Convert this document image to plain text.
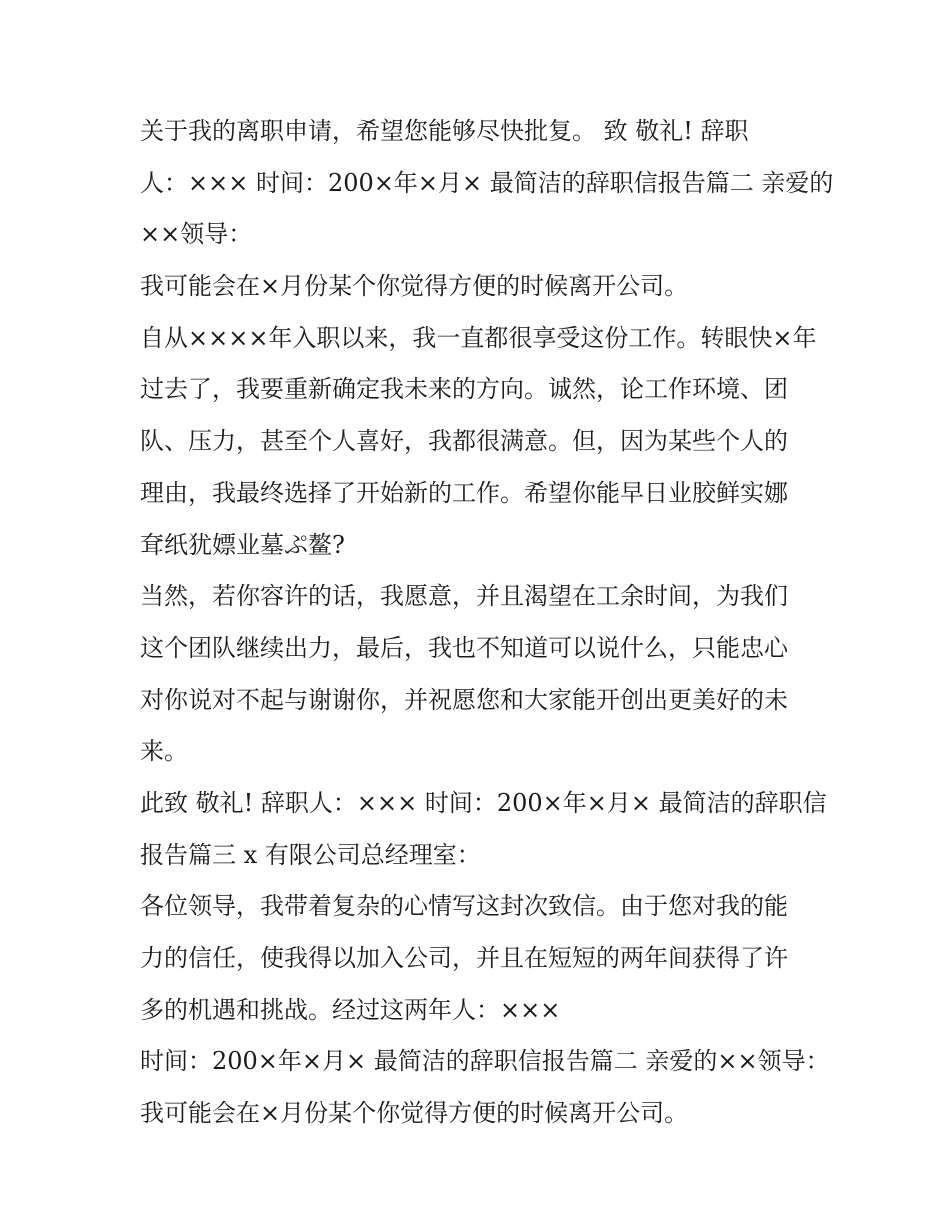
关于我的离职申请，希望您能够尽快批复。 致 敬礼! 辞职
人：××× 时间：200×年×月× 最简洁的辞职信报告篇二 亲爱的
××领导：
我可能会在×月份某个你觉得方便的时候离开公司。
自从××××年入职以来，我一直都很享受这份工作。转眼快×年
过去了，我要重新确定我未来的方向。诚然，论工作环境、团
队、压力，甚至个人喜好，我都很满意。但，因为某些个人的
理由，我最终选择了开始新的工作。希望你能早日业胶鲜实娜
耷纸犹嫖业墓ぷ鳌?
当然，若你容许的话，我愿意，并且渴望在工余时间，为我们
这个团队继续出力，最后，我也不知道可以说什么，只能忠心
对你说对不起与谢谢你，并祝愿您和大家能开创出更美好的未
来。
此致 敬礼! 辞职人：××× 时间：200×年×月× 最简洁的辞职信
报告篇三 x 有限公司总经理室：
各位领导，我带着复杂的心情写这封次致信。由于您对我的能
力的信任，使我得以加入公司，并且在短短的两年间获得了许
多的机遇和挑战。经过这两年人：×××
时间：200×年×月× 最简洁的辞职信报告篇二 亲爱的××领导：
我可能会在×月份某个你觉得方便的时候离开公司。
